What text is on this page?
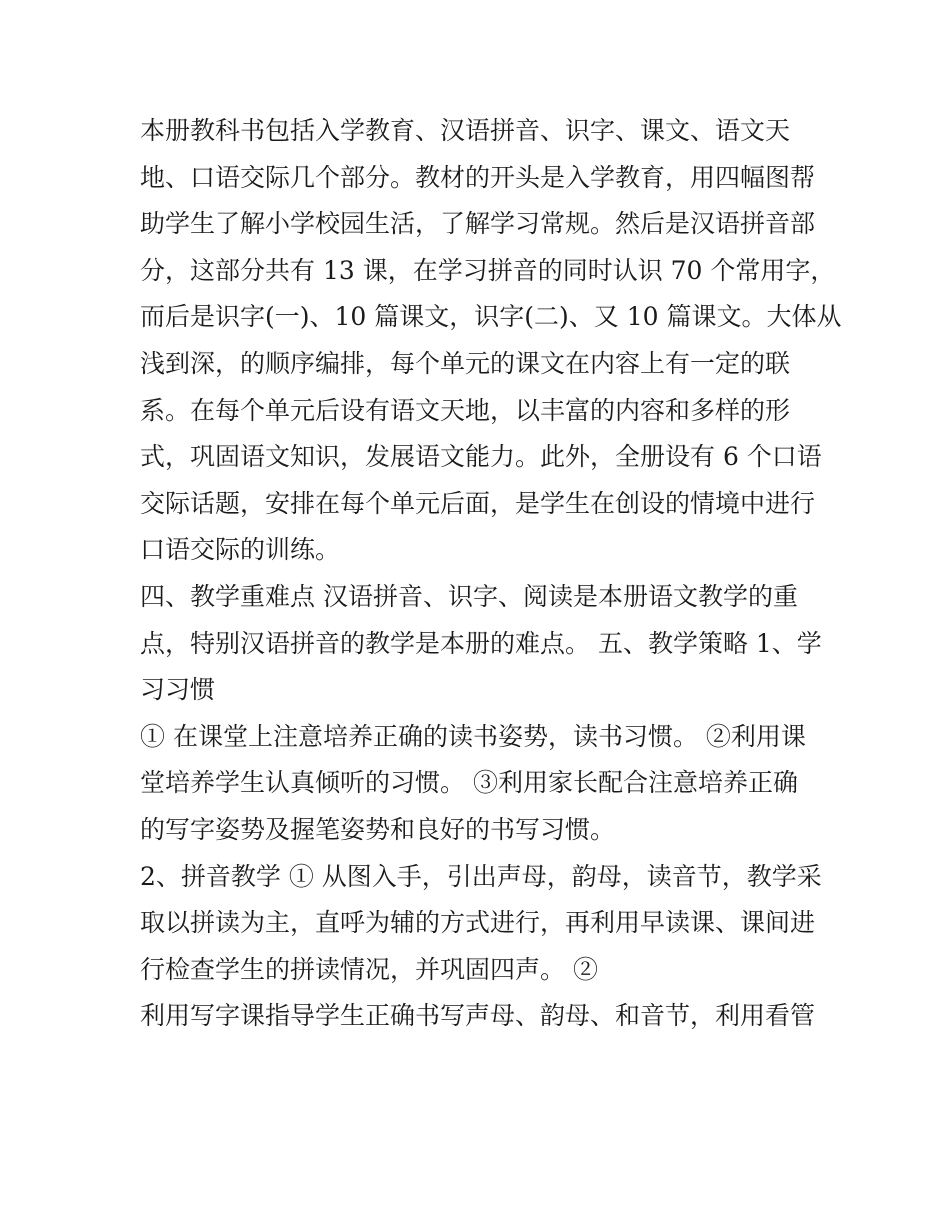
本册教科书包括入学教育、汉语拼音、识字、课文、语文天
地、口语交际几个部分。教材的开头是入学教育，用四幅图帮
助学生了解小学校园生活，了解学习常规。然后是汉语拼音部
分，这部分共有 13 课，在学习拼音的同时认识 70 个常用字，
而后是识字(一)、10 篇课文，识字(二)、又 10 篇课文。大体从
浅到深，的顺序编排，每个单元的课文在内容上有一定的联
系。在每个单元后设有语文天地，以丰富的内容和多样的形
式，巩固语文知识，发展语文能力。此外，全册设有 6 个口语
交际话题，安排在每个单元后面，是学生在创设的情境中进行
口语交际的训练。

四、教学重难点 汉语拼音、识字、阅读是本册语文教学的重
点，特别汉语拼音的教学是本册的难点。 五、教学策略 1、学
习习惯

① 在课堂上注意培养正确的读书姿势，读书习惯。 ②利用课
堂培养学生认真倾听的习惯。 ③利用家长配合注意培养正确
的写字姿势及握笔姿势和良好的书写习惯。

2、拼音教学 ① 从图入手，引出声母，韵母，读音节，教学采
取以拼读为主，直呼为辅的方式进行，再利用早读课、课间进
行检查学生的拼读情况，并巩固四声。 ②

利用写字课指导学生正确书写声母、韵母、和音节，利用看管
